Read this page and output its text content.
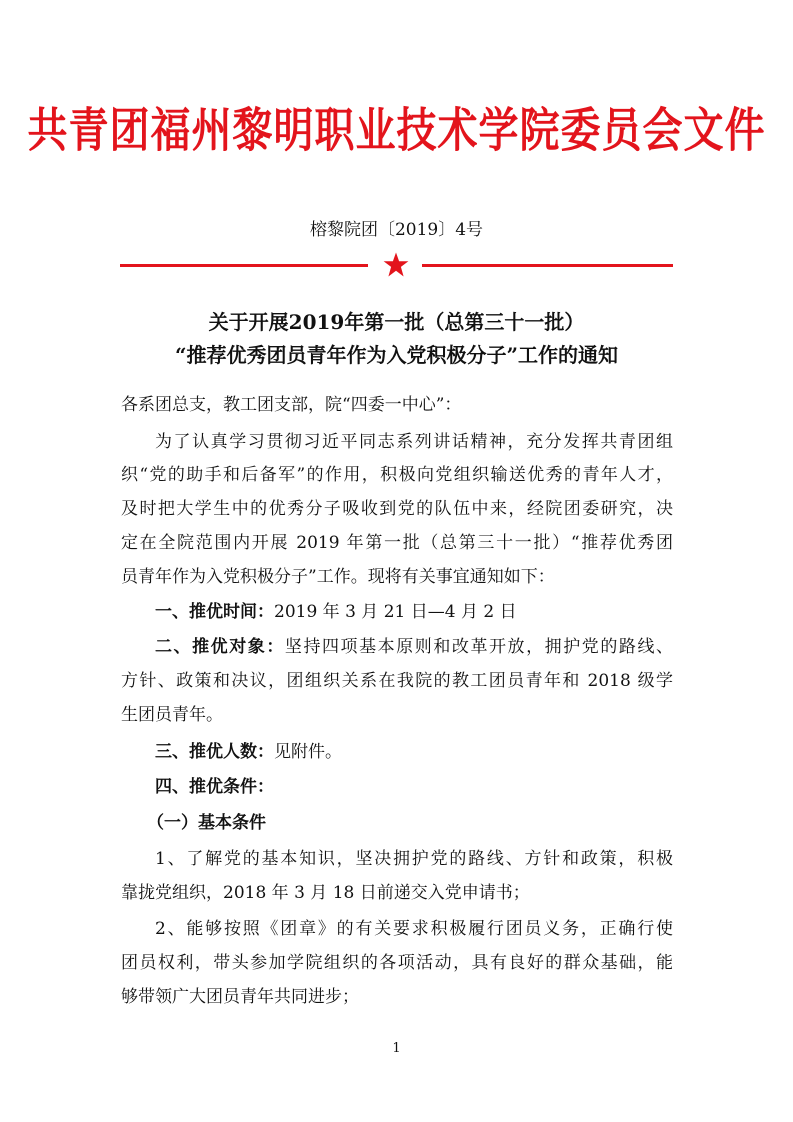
共青团福州黎明职业技术学院委员会文件
榕黎院团〔2019〕4号
关于开展2019年第一批（总第三十一批）
“推荐优秀团员青年作为入党积极分子”工作的通知
各系团总支，教工团支部，院“四委一中心”：
为了认真学习贯彻习近平同志系列讲话精神，充分发挥共青团组
织“党的助手和后备军”的作用，积极向党组织输送优秀的青年人才，
及时把大学生中的优秀分子吸收到党的队伍中来，经院团委研究，决
定在全院范围内开展 2019 年第一批（总第三十一批）“推荐优秀团
员青年作为入党积极分子”工作。现将有关事宜通知如下：
一、推优时间：2019 年 3 月 21 日—4 月 2 日
二、推优对象：坚持四项基本原则和改革开放，拥护党的路线、
方针、政策和决议，团组织关系在我院的教工团员青年和 2018 级学
生团员青年。
三、推优人数：见附件。
四、推优条件：
（一）基本条件
1、了解党的基本知识，坚决拥护党的路线、方针和政策，积极
靠拢党组织，2018 年 3 月 18 日前递交入党申请书；
2、能够按照《团章》的有关要求积极履行团员义务，正确行使
团员权利，带头参加学院组织的各项活动，具有良好的群众基础，能
够带领广大团员青年共同进步；
1
